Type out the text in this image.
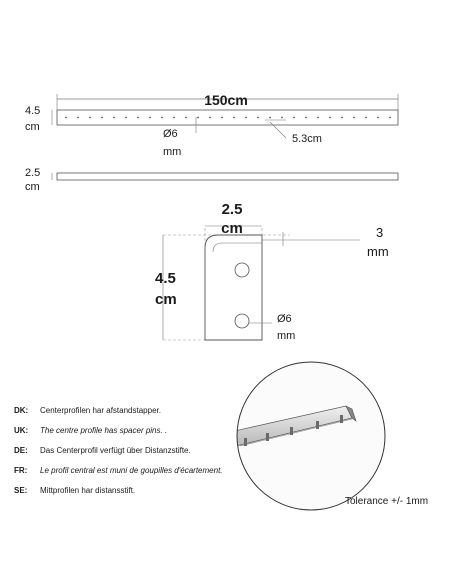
150cm
4.5
cm
Ø6
mm
5.3cm
2.5
cm
2.5
cm	3
mm
4.5
cm
Ø6
mm

DK: Centerprofilen har afstandstapper.

UK: The centre profile has spacer pins. .

DE: Das Centerprofil verfügt über Distanzstifte.

FR: Le profil central est muni de goupilles d'écartement.

SE: Mittprofilen har distansstift.

Tolerance +/- 1mm
